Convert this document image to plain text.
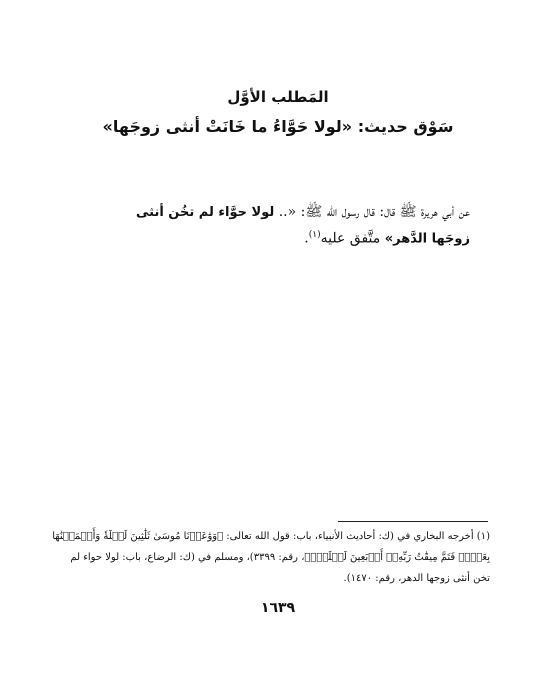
المَطلب الأوَّل
سَوْق حديث: «لولا حَوَّاءُ ما خَانَتْ أنثى زوجَها»
عن أبي هريرة ﷺ قال: قال رسول الله ﷺ: «.. لولا حوَّاء لم تخُن أنثى
زوجَها الدَّهر» متَّفق عليه$^{(١)}$.
(١) أخرجه البخاري في (ك: أحاديث الأنبياء، باب: قول الله تعالى: ﴿وَوَٰعَدۡنَا مُوسَىٰ ثَلَٰثِينَ لَيۡلَةٗ وَأَتۡمَمۡنَٰهَا
بِعَشۡرٖ فَتَمَّ مِيقَٰتُ رَبِّهِۦٓ أَرۡبَعِينَ لَيۡلَةٗۚ﴾، رقم: ٣٣٩٩)، ومسلم في (ك: الرضاع، باب: لولا حواء لم
تخن أنثى زوجها الدهر، رقم: ١٤٧٠).
١٦٣٩
